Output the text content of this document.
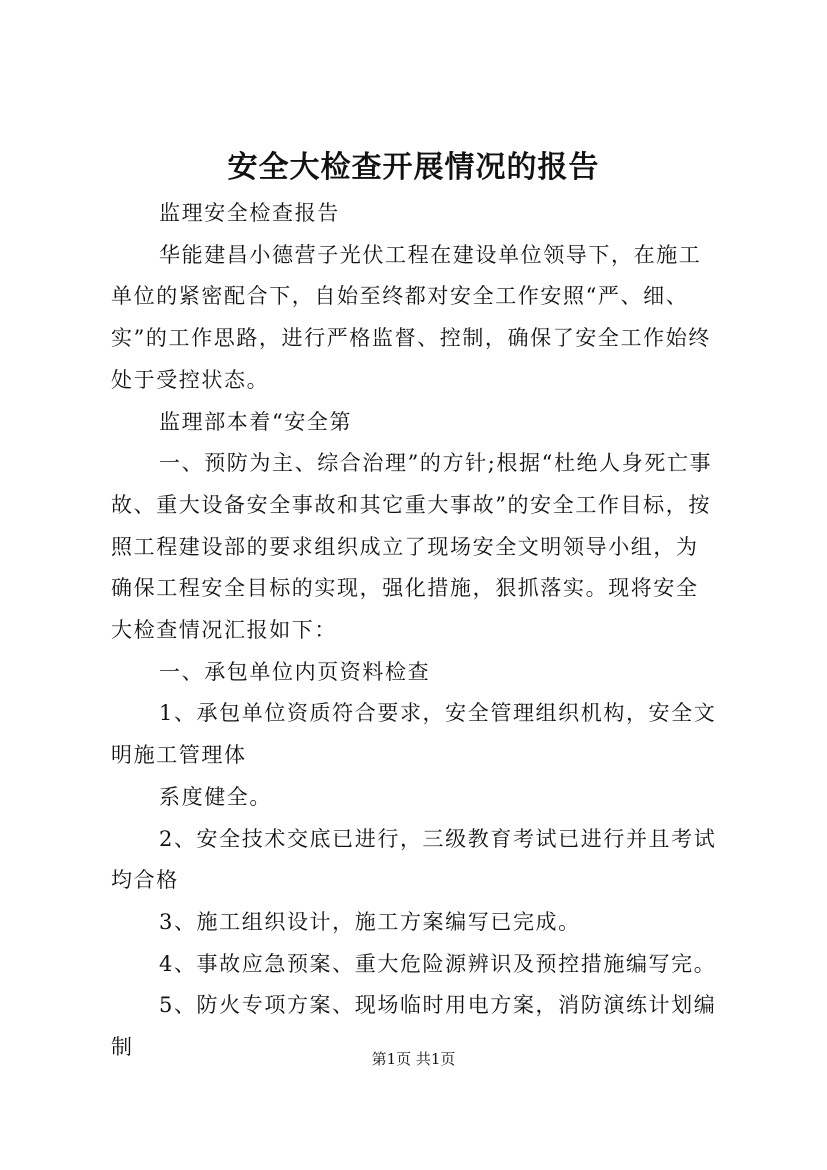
安全大检查开展情况的报告

监理安全检查报告

华能建昌小德营子光伏工程在建设单位领导下，在施工单位的紧密配合下，自始至终都对安全工作安照“严、细、实”的工作思路，进行严格监督、控制，确保了安全工作始终处于受控状态。

监理部本着“安全第

一、预防为主、综合治理”的方针;根据“杜绝人身死亡事故、重大设备安全事故和其它重大事故”的安全工作目标，按照工程建设部的要求组织成立了现场安全文明领导小组，为确保工程安全目标的实现，强化措施，狠抓落实。现将安全大检查情况汇报如下：

一、承包单位内页资料检查

1、承包单位资质符合要求，安全管理组织机构，安全文明施工管理体

系度健全。

2、安全技术交底已进行，三级教育考试已进行并且考试均合格

3、施工组织设计，施工方案编写已完成。

4、事故应急预案、重大危险源辨识及预控措施编写完。

5、防火专项方案、现场临时用电方案，消防演练计划编制	第1页 共1页
